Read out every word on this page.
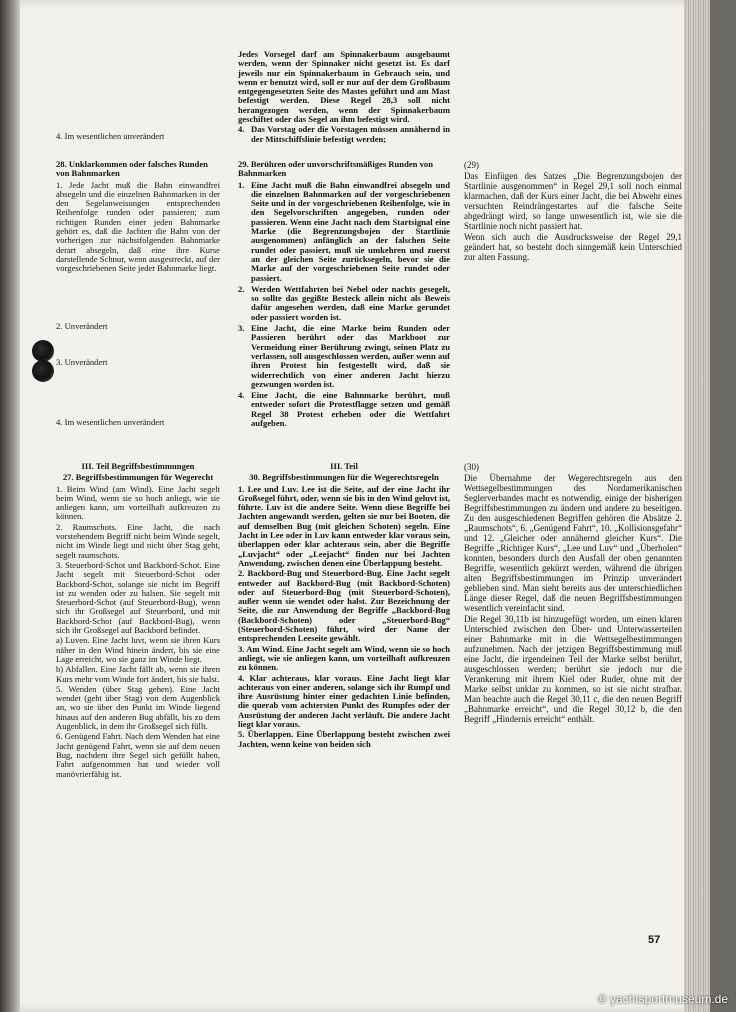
4. Im wesentlichen unverändert

28. Unklarkommen oder falsches Runden von Bahnmarken

1. Jede Jacht muß die Bahn einwandfrei absegeln und die einzelnen Bahnmarken in der den Segelanweisungen entsprechenden Reihenfolge runden oder passieren; zum richtigen Runden einer jeden Bahnmarke gehört es, daß die Jachten die Bahn von der vorherigen zur nächstfolgenden Bahnmarke derart absegeln, daß eine ihre Kurse darstellende Schnur, wenn ausgestreckt, auf der vorgeschriebenen Seite jeder Bahnmarke liegt.

2. Unverändert
3. Unverändert
4. Im wesentlichen unverändert

III. Teil Begriffsbestimmungen

27. Begriffsbestimmungen für Wegerecht

1. Beim Wind (am Wind). Eine Jacht segelt beim Wind, wenn sie so hoch anliegt, wie sie anliegen kann, um vorteilhaft aufkreuzen zu können.

2. Raumschots. Eine Jacht, die nach vorstehendem Begriff nicht beim Winde segelt, nicht im Winde liegt und nicht über Stag geht, segelt raumschots.

3. Steuerbord-Schot und Backbord-Schot. Eine Jacht segelt mit Steuerbord-Schot oder Backbord-Schot, solange sie nicht im Begriff ist zu wenden oder zu halsen. Sie segelt mit Steuerbord-Schot (auf Steuerbord-Bug), wenn sich ihr Großsegel auf Steuerbord, und mit Backbord-Schot (auf Backbord-Bug), wenn sich ihr Großsegel auf Backbord befindet.

a) Luven. Eine Jacht luvt, wenn sie ihren Kurs näher in den Wind hinein ändert, bis sie eine Lage erreicht, wo sie ganz im Winde liegt.

b) Abfallen. Eine Jacht fällt ab, wenn sie ihren Kurs mehr vom Winde fort ändert, bis sie halst.

5. Wenden (über Stag gehen). Eine Jacht wendet (geht über Stag) von dem Augenblick an, wo sie über den Punkt im Winde liegend hinaus auf den anderen Bug abfällt, bis zu dem Augenblick, in dem ihr Großsegel sich füllt.

6. Genügend Fahrt. Nach dem Wenden hat eine Jacht genügend Fahrt, wenn sie auf dem neuen Bug, nachdem ihre Segel sich gefüllt haben, Fahrt aufgenommen hat und wieder voll manövrierfähig ist.

Jedes Vorsegel darf am Spinnakerbaum ausgebaumt werden, wenn der Spinnaker nicht gesetzt ist. Es darf jeweils nur ein Spinnakerbaum in Gebrauch sein, und wenn er benutzt wird, soll er nur auf der dem Großbaum entgegengesetzten Seite des Mastes geführt und am Mast befestigt werden. Diese Regel 28,3 soll nicht herangezogen werden, wenn der Spinnakerbaum geschiftet oder das Segel an ihm befestigt wird.

4. Das Vorstag oder die Vorstagen müssen annähernd in der Mittschiffslinie befestigt werden;

29. Berühren oder unvorschriftsmäßiges Runden von Bahnmarken

1. Eine Jacht muß die Bahn einwandfrei absegeln und die einzelnen Bahnmarken auf der vorgeschriebenen Seite und in der vorgeschriebenen Reihenfolge, wie in den Segelvorschriften angegeben, runden oder passieren. Wenn eine Jacht nach dem Startsignal eine Marke (die Begrenzungsbojen der Startlinie ausgenommen) anfänglich an der falschen Seite rundet oder passiert, muß sie umkehren und zuerst an der gleichen Seite zurücksegeln, bevor sie die Marke auf der vorgeschriebenen Seite rundet oder passiert.
2. Werden Wettfahrten bei Nebel oder nachts gesegelt, so sollte das gegißte Besteck allein nicht als Beweis dafür angesehen werden, daß eine Marke gerundet oder passiert worden ist.
3. Eine Jacht, die eine Marke beim Runden oder Passieren berührt oder das Markboot zur Vermeidung einer Berührung zwingt, seinen Platz zu verlassen, soll ausgeschlossen werden, außer wenn auf ihren Protest hin festgestellt wird, daß sie widerrechtlich von einer anderen Jacht hierzu gezwungen worden ist.
4. Eine Jacht, die eine Bahnmarke berührt, muß entweder sofort die Protestflagge setzen und gemäß Regel 38 Protest erheben oder die Wettfahrt aufgeben.

III. Teil

30. Begriffsbestimmungen für die Wegerechtsregeln

1. Lee und Luv. Lee ist die Seite, auf der eine Jacht ihr Großsegel führt, oder, wenn sie bis in den Wind geluvt ist, führte. Luv ist die andere Seite. Wenn diese Begriffe bei Jachten angewandt werden, gelten sie nur bei Booten, die auf demselben Bug (mit gleichen Schoten) segeln. Eine Jacht in Lee oder in Luv kann entweder klar voraus sein, überlappen oder klar achteraus sein, aber die Begriffe „Luvjacht“ oder „Leejacht“ finden nur bei Jachten Anwendung, zwischen denen eine Überlappung besteht.

2. Backbord-Bug und Steuerbord-Bug. Eine Jacht segelt entweder auf Backbord-Bug (mit Backbord-Schoten) oder auf Steuerbord-Bug (mit Steuerbord-Schoten), außer wenn sie wendet oder halst. Zur Bezeichnung der Seite, die zur Anwendung der Begriffe „Backbord-Bug (Backbord-Schoten) oder „Steuerbord-Bug“ (Steuerbord-Schoten) führt, wird der Name der entsprechenden Leeseite gewählt.

3. Am Wind. Eine Jacht segelt am Wind, wenn sie so hoch anliegt, wie sie anliegen kann, um vorteilhaft aufkreuzen zu können.

4. Klar achteraus, klar voraus. Eine Jacht liegt klar achteraus von einer anderen, solange sich ihr Rumpf und ihre Ausrüstung hinter einer gedachten Linie befinden, die querab vom achtersten Punkt des Rumpfes oder der Ausrüstung der anderen Jacht verläuft. Die andere Jacht liegt klar voraus.

5. Überlappen. Eine Überlappung besteht zwischen zwei Jachten, wenn keine von beiden sich

(29)

Das Einfügen des Satzes „Die Begrenzungsbojen der Startlinie ausgenommen“ in Regel 29,1 soll noch einmal klarmachen, daß der Kurs einer Jacht, die bei Abwehr eines versuchten Reindrängestartes auf die falsche Seite abgedrängt wird, so lange unwesentlich ist, wie sie die Startlinie noch nicht passiert hat.

Wenn sich auch die Ausdrucksweise der Regel 29,1 geändert hat, so besteht doch sinngemäß kein Unterschied zur alten Fassung.

(30)

Die Übernahme der Wegerechtsregeln aus den Wettsegelbestimmungen des Nordamerikanischen Seglerverbandes macht es notwendig, einige der bisherigen Begriffsbestimmungen zu ändern und andere zu beseitigen. Zu den ausgeschiedenen Begriffen gehören die Absätze 2. „Raumschots“, 6. „Genügend Fahrt“, 10. „Kollisionsgefahr“ und 12. „Gleicher oder annähernd gleicher Kurs“. Die Begriffe „Richtiger Kurs“, „Lee und Luv“ und „Überholen“ konnten, besonders durch den Ausfall der oben genannten Begriffe, wesentlich gekürzt werden, während die übrigen alten Begriffsbestimmungen im Prinzip unverändert geblieben sind. Man sieht bereits aus der unterschiedlichen Länge dieser Regel, daß die neuen Begriffsbestimmungen wesentlich vereinfacht sind.

Die Regel 30,11b ist hinzugefügt worden, um einen klaren Unterschied zwischen den Über- und Unterwasserteilen einer Bahnmarke mit in die Wettsegelbestimmungen aufzunehmen. Nach der jetzigen Begriffsbestimmung muß eine Jacht, die irgendeinen Teil der Marke selbst berührt, ausgeschlossen werden; berührt sie jedoch nur die Verankerung mit ihrem Kiel oder Ruder, ohne mit der Marke selbst unklar zu kommen, so ist sie nicht strafbar. Man beachte auch die Regel 30,11 c, die den neuen Begriff „Bahnmarke erreicht“, und die Regel 30,12 b, die den Begriff „Hindernis erreicht“ enthält.

57
© yachtsportmuseum.de
